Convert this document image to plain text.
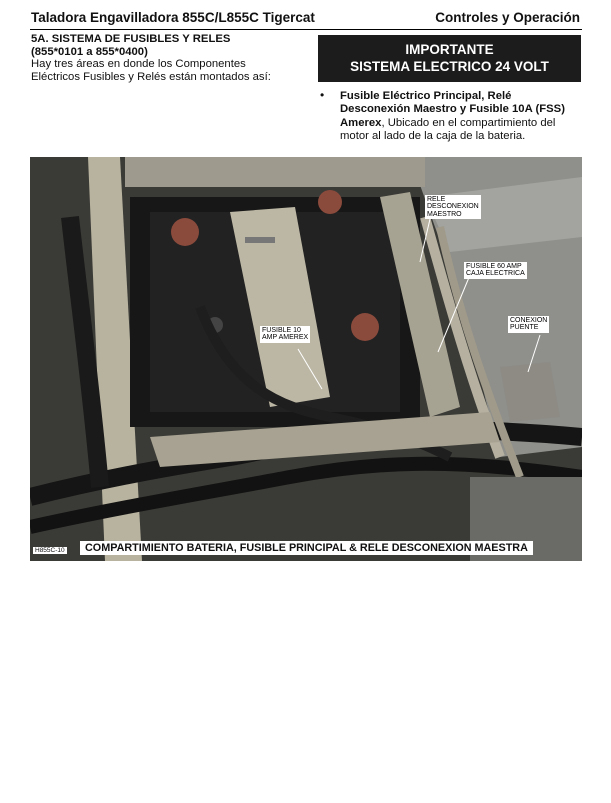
Taladora Engavilladora 855C/L855C Tigercat	Controles y Operación
5A. SISTEMA DE FUSIBLES Y RELES
(855*0101 a 855*0400)
Hay tres áreas en donde los Componentes
Eléctricos Fusibles y Relés están montados así:
IMPORTANTE
SISTEMA ELECTRICO 24 VOLT
• Fusible Eléctrico Principal, Relé
Desconexión Maestro y Fusible 10A (FSS)
Amerex, Ubicado en el compartimiento del
motor al lado de la caja de la bateria.
RELE
DESCONEXION
MAESTRO
FUSIBLE 60 AMP
CAJA ELECTRICA
CONEXION
PUENTE
FUSIBLE 10
AMP AMEREX
H855C-10	COMPARTIMIENTO BATERIA, FUSIBLE PRINCIPAL & RELE DESCONEXION MAESTRA
